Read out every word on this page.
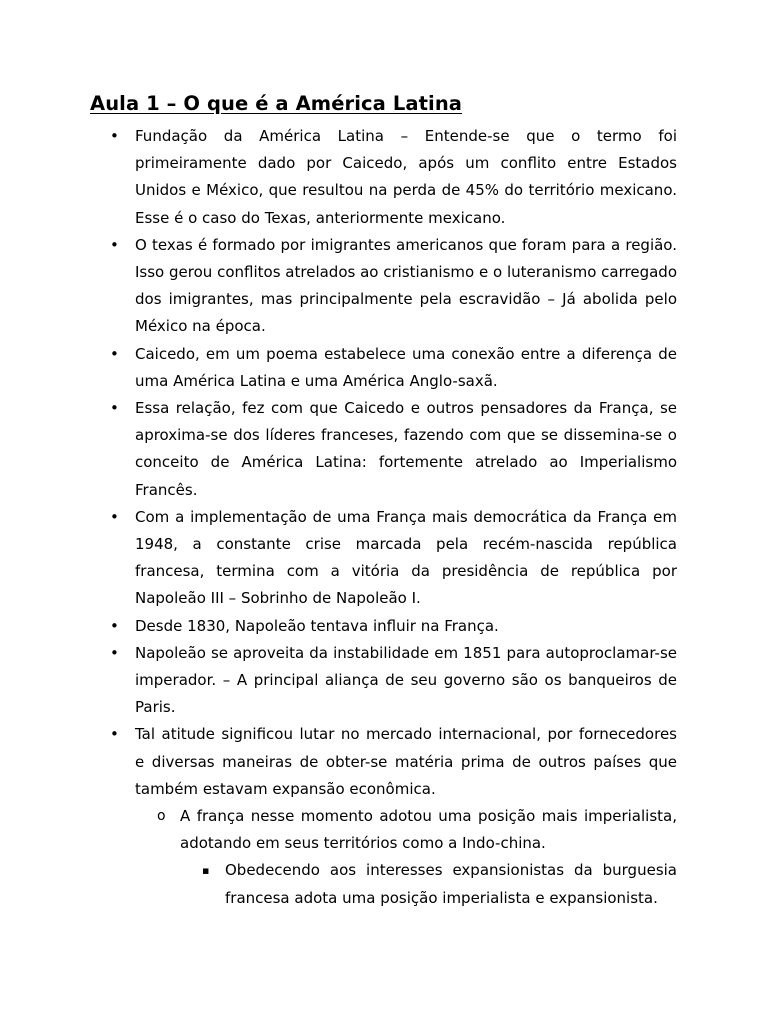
Aula 1 – O que é a América Latina
• Fundação da América Latina – Entende-se que o termo foi primeiramente dado por Caicedo, após um conflito entre Estados Unidos e México, que resultou na perda de 45% do território mexicano. Esse é o caso do Texas, anteriormente mexicano.
• O texas é formado por imigrantes americanos que foram para a região. Isso gerou conflitos atrelados ao cristianismo e o luteranismo carregado dos imigrantes, mas principalmente pela escravidão – Já abolida pelo México na época.
• Caicedo, em um poema estabelece uma conexão entre a diferença de uma América Latina e uma América Anglo-saxã.
• Essa relação, fez com que Caicedo e outros pensadores da França, se aproxima-se dos líderes franceses, fazendo com que se dissemina-se o conceito de América Latina: fortemente atrelado ao Imperialismo Francês.
• Com a implementação de uma França mais democrática da França em 1948, a constante crise marcada pela recém-nascida república francesa, termina com a vitória da presidência de república por Napoleão III – Sobrinho de Napoleão I.
• Desde 1830, Napoleão tentava influir na França.
• Napoleão se aproveita da instabilidade em 1851 para autoproclamar-se imperador. – A principal aliança de seu governo são os banqueiros de Paris.
• Tal atitude significou lutar no mercado internacional, por fornecedores e diversas maneiras de obter-se matéria prima de outros países que também estavam expansão econômica.
o A frança nesse momento adotou uma posição mais imperialista, adotando em seus territórios como a Indo-china.
▪ Obedecendo aos interesses expansionistas da burguesia francesa adota uma posição imperialista e expansionista.
